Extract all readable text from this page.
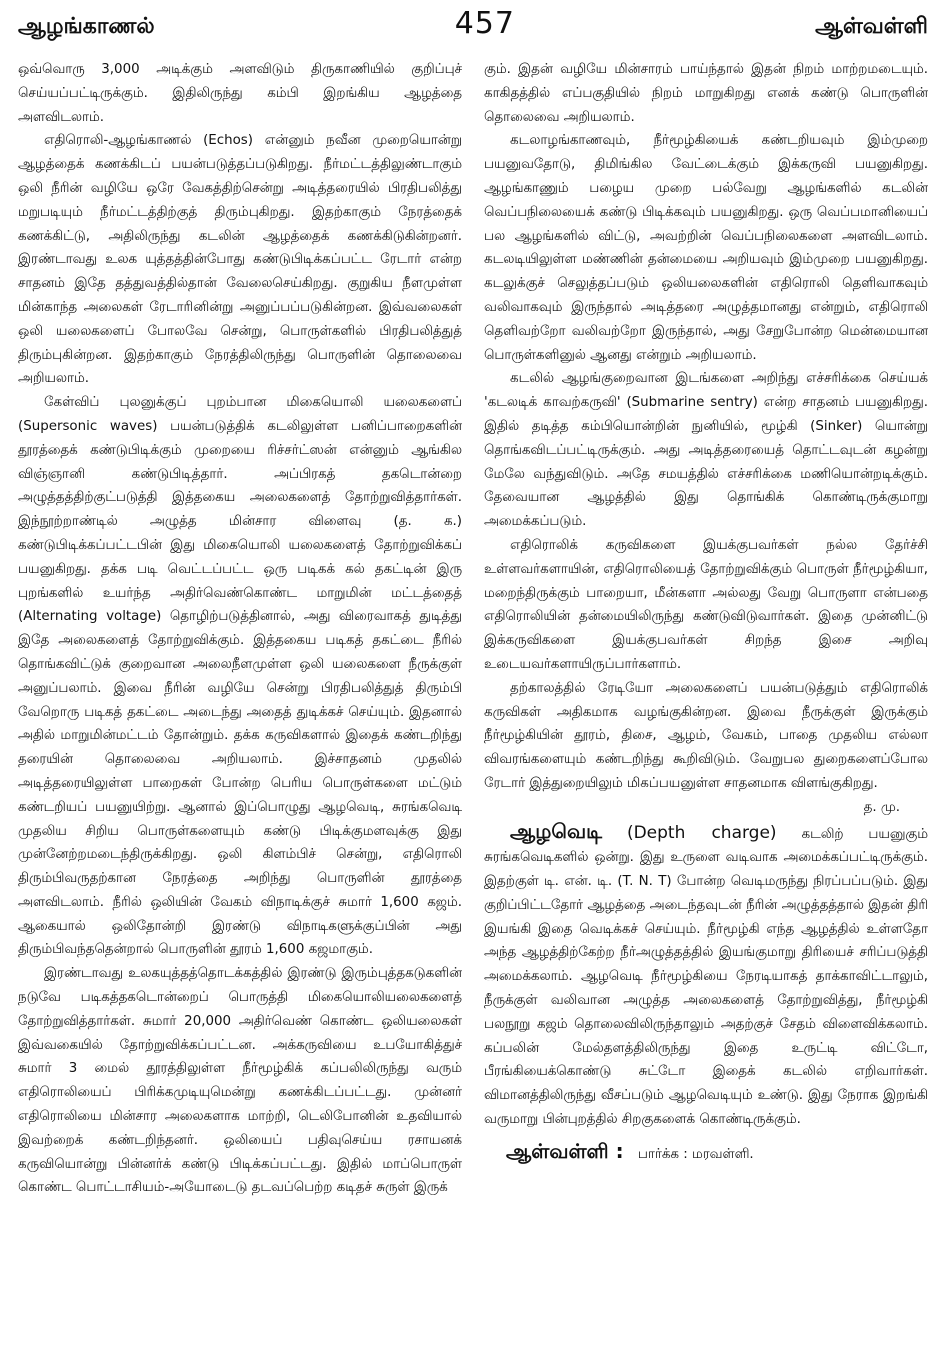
ஆழங்காணல்	457	ஆள்வள்ளி

ஒவ்வொரு 3,000 அடிக்கும் அளவிடும் திருகாணியில் குறிப்புச் செய்யப்பட்டிருக்கும். இதிலிருந்து கம்பி இறங்கிய ஆழத்தை அளவிடலாம்.

எதிரொலி-ஆழங்காணல் (Echos) என்னும் நவீன முறையொன்று ஆழத்தைக் கணக்கிடப் பயன்படுத்தப்படுகிறது. நீர்மட்டத்திலுண்டாகும் ஒலி நீரின் வழியே ஒரே வேகத்திற்சென்று அடித்தரையில் பிரதிபலித்து மறுபடியும் நீர்மட்டத்திற்குத் திரும்புகிறது. இதற்காகும் நேரத்தைக் கணக்கிட்டு, அதிலிருந்து கடலின் ஆழத்தைக் கணக்கிடுகின்றனர். இரண்டாவது உலக யுத்தத்தின்போது கண்டுபிடிக்கப்பட்ட ரேடார் என்ற சாதனம் இதே தத்துவத்தில்தான் வேலைசெய்கிறது. குறுகிய நீளமுள்ள மின்காந்த அலைகள் ரேடாரினின்று அனுப்பப்படுகின்றன. இவ்வலைகள் ஒலி யலைகளைப் போலவே சென்று, பொருள்களில் பிரதிபலித்துத் திரும்புகின்றன. இதற்காகும் நேரத்திலிருந்து பொருளின் தொலைவை அறியலாம்.

கேள்விப் புலனுக்குப் புறம்பான மிகையொலி யலைகளைப் (Supersonic waves) பயன்படுத்திக் கடலிலுள்ள பனிப்பாறைகளின் தூரத்தைக் கண்டுபிடிக்கும் முறையை ரிச்சர்ட்ஸன் என்னும் ஆங்கில விஞ்ஞானி கண்டுபிடித்தார். அப்பிரகத் தகடொன்றை அழுத்தத்திற்குட்படுத்தி இத்தகைய அலைகளைத் தோற்றுவித்தார்கள். இந்நூற்றாண்டில் அழுத்த மின்சார விளைவு (த. க.) கண்டுபிடிக்கப்பட்டபின் இது மிகையொலி யலைகளைத் தோற்றுவிக்கப் பயனுகிறது. தக்க படி வெட்டப்பட்ட ஒரு படிகக் கல் தகட்டின் இரு புறங்களில் உயர்ந்த அதிர்வெண்கொண்ட மாறுமின் மட்டத்தைத் (Alternating voltage) தொழிற்படுத்தினால், அது விரைவாகத் துடித்து இதே அலைகளைத் தோற்றுவிக்கும். இத்தகைய படிகத் தகட்டை நீரில் தொங்கவிட்டுக் குறைவான அலைநீளமுள்ள ஒலி யலைகளை நீருக்குள் அனுப்பலாம். இவை நீரின் வழியே சென்று பிரதிபலித்துத் திரும்பி வேறொரு படிகத் தகட்டை அடைந்து அதைத் துடிக்கச் செய்யும். இதனால் அதில் மாறுமின்மட்டம் தோன்றும். தக்க கருவிகளால் இதைக் கண்டறிந்து தரையின் தொலைவை அறியலாம். இச்சாதனம் முதலில் அடித்தரையிலுள்ள பாறைகள் போன்ற பெரிய பொருள்களை மட்டும் கண்டறியப் பயனுயிற்று. ஆனால் இப்பொழுது ஆழவெடி, சுரங்கவெடி முதலிய சிறிய பொருள்களையும் கண்டு பிடிக்குமளவுக்கு இது முன்னேற்றமடைந்திருக்கிறது. ஒலி கிளம்பிச் சென்று, எதிரொலி திரும்பிவருதற்கான நேரத்தை அறிந்து பொருளின் தூரத்தை அளவிடலாம். நீரில் ஒலியின் வேகம் விநாடிக்குச் சுமார் 1,600 கஜம். ஆகையால் ஒலிதோன்றி இரண்டு விநாடிகளுக்குப்பின் அது திரும்பிவந்ததென்றால் பொருளின் தூரம் 1,600 கஜமாகும்.

இரண்டாவது உலகயுத்தத்தொடக்கத்தில் இரண்டு இரும்புத்தகடுகளின் நடுவே படிகத்தகடொன்றைப் பொருத்தி மிகையொலியலைகளைத் தோற்றுவித்தார்கள். சுமார் 20,000 அதிர்வெண் கொண்ட ஒலியலைகள் இவ்வகையில் தோற்றுவிக்கப்பட்டன. அக்கருவியை உபயோகித்துச் சுமார் 3 மைல் தூரத்திலுள்ள நீர்மூழ்கிக் கப்பலிலிருந்து வரும் எதிரொலியைப் பிரிக்கமுடியுமென்று கணக்கிடப்பட்டது. முன்னர் எதிரொலியை மின்சார அலைகளாக மாற்றி, டெலிபோனின் உதவியால் இவற்றைக் கண்டறிந்தனர். ஒலியைப் பதிவுசெய்ய ரசாயனக் கருவியொன்று பின்னர்க் கண்டு பிடிக்கப்பட்டது. இதில் மாப்பொருள் கொண்ட பொட்டாசியம்-அயோடைடு தடவப்பெற்ற கடிதச் சுருள் இருக்

கும். இதன் வழியே மின்சாரம் பாய்ந்தால் இதன் நிறம் மாற்றமடையும். காகிதத்தில் எப்பகுதியில் நிறம் மாறுகிறது எனக் கண்டு பொருளின் தொலைவை அறியலாம்.

கடலாழங்காணவும், நீர்மூழ்கியைக் கண்டறியவும் இம்முறை பயனுவதோடு, திமிங்கில வேட்டைக்கும் இக்கருவி பயனுகிறது. ஆழங்காணும் பழைய முறை பல்வேறு ஆழங்களில் கடலின் வெப்பநிலையைக் கண்டு பிடிக்கவும் பயனுகிறது. ஒரு வெப்பமானியைப் பல ஆழங்களில் விட்டு, அவற்றின் வெப்பநிலைகளை அளவிடலாம். கடலடியிலுள்ள மண்ணின் தன்மையை அறியவும் இம்முறை பயனுகிறது. கடலுக்குச் செலுத்தப்படும் ஒலியலைகளின் எதிரொலி தெளிவாகவும் வலிவாகவும் இருந்தால் அடித்தரை அழுத்தமானது என்றும், எதிரொலி தெளிவற்றோ வலிவற்றோ இருந்தால், அது சேறுபோன்ற மென்மையான பொருள்களினுல் ஆனது என்றும் அறியலாம்.

கடலில் ஆழங்குறைவான இடங்களை அறிந்து எச்சரிக்கை செய்யக் 'கடலடிக் காவற்கருவி' (Submarine sentry) என்ற சாதனம் பயனுகிறது. இதில் தடித்த கம்பியொன்றின் நுனியில், மூழ்கி (Sinker) யொன்று தொங்கவிடப்பட்டிருக்கும். அது அடித்தரையைத் தொட்டவுடன் கழன்று மேலே வந்துவிடும். அதே சமயத்தில் எச்சரிக்கை மணியொன்றடிக்கும். தேவையான ஆழத்தில் இது தொங்கிக் கொண்டிருக்குமாறு அமைக்கப்படும்.

எதிரொலிக் கருவிகளை இயக்குபவர்கள் நல்ல தேர்ச்சி உள்ளவர்களாயின், எதிரொலியைத் தோற்றுவிக்கும் பொருள் நீர்மூழ்கியா, மறைந்திருக்கும் பாறையா, மீன்களா அல்லது வேறு பொருளா என்பதை எதிரொலியின் தன்மையிலிருந்து கண்டுவிடுவார்கள். இதை முன்னிட்டு இக்கருவிகளை இயக்குபவர்கள் சிறந்த இசை அறிவு உடையவர்களாயிருப்பார்களாம்.

தற்காலத்தில் ரேடியோ அலைகளைப் பயன்படுத்தும் எதிரொலிக் கருவிகள் அதிகமாக வழங்குகின்றன. இவை நீருக்குள் இருக்கும் நீர்மூழ்கியின் தூரம், திசை, ஆழம், வேகம், பாதை முதலிய எல்லா விவரங்களையும் கண்டறிந்து கூறிவிடும். வேறுபல துறைகளைப்போல ரேடார் இத்துறையிலும் மிகப்பயனுள்ள சாதனமாக விளங்குகிறது.

த. மு.

ஆழவெடி (Depth charge) கடலிற் பயனுகும் சுரங்கவெடிகளில் ஒன்று. இது உருளை வடிவாக அமைக்கப்பட்டிருக்கும். இதற்குள் டி. என். டி. (T. N. T) போன்ற வெடிமருந்து நிரப்பப்படும். இது குறிப்பிட்டதோர் ஆழத்தை அடைந்தவுடன் நீரின் அழுத்தத்தால் இதன் திரி இயங்கி இதை வெடிக்கச் செய்யும். நீர்மூழ்கி எந்த ஆழத்தில் உள்ளதோ அந்த ஆழத்திற்கேற்ற நீர்அழுத்தத்தில் இயங்குமாறு திரியைச் சரிப்படுத்தி அமைக்கலாம். ஆழவெடி நீர்மூழ்கியை நேரடியாகத் தாக்காவிட்டாலும், நீருக்குள் வலிவான அழுத்த அலைகளைத் தோற்றுவித்து, நீர்மூழ்கி பலநூறு கஜம் தொலைவிலிருந்தாலும் அதற்குச் சேதம் விளைவிக்கலாம். கப்பலின் மேல்தளத்திலிருந்து இதை உருட்டி விட்டோ, பீரங்கியைக்கொண்டு சுட்டோ இதைக் கடலில் எறிவார்கள். விமானத்திலிருந்து வீசப்படும் ஆழவெடியும் உண்டு. இது நேராக இறங்கி வருமாறு பின்புறத்தில் சிறகுகளைக் கொண்டிருக்கும்.

ஆள்வள்ளி : பார்க்க : மரவள்ளி.
